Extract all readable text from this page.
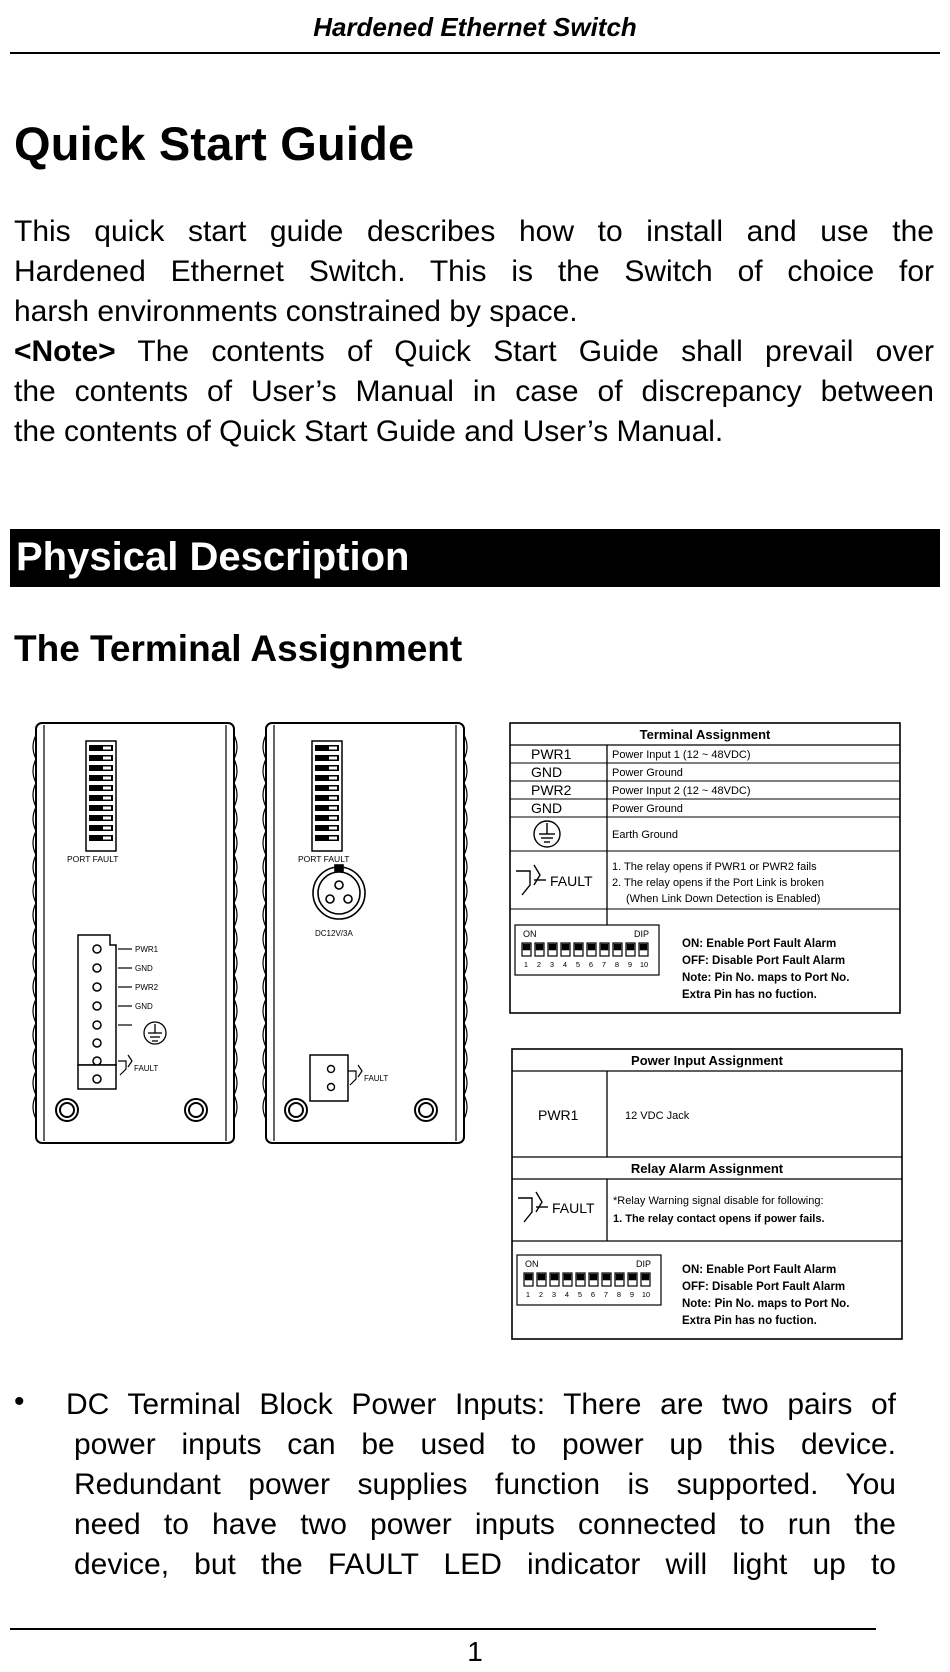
Hardened Ethernet Switch
Quick Start Guide
This quick start guide describes how to install and use the
Hardened Ethernet Switch. This is the Switch of choice for
harsh environments constrained by space.
<Note> The contents of Quick Start Guide shall prevail over
the contents of User’s Manual in case of discrepancy between
the contents of Quick Start Guide and User’s Manual.
Physical Description
The Terminal Assignment
PORT FAULT
PWR1
GND
PWR2
GND
FAULT
PORT FAULT
DC12V/3A
FAULT
Terminal Assignment
PWR1	Power Input 1 (12 ~ 48VDC)
GND	Power Ground
PWR2	Power Input 2 (12 ~ 48VDC)
GND	Power Ground
Earth Ground
FAULT
1. The relay opens if PWR1 or PWR2 fails
2. The relay opens if the Port Link is broken
(When Link Down Detection is Enabled)
ON	DIP
1 2 3 4 5 6 7 8 9 10
ON: Enable Port Fault Alarm
OFF: Disable Port Fault Alarm
Note: Pin No. maps to Port No.
Extra Pin has no fuction.
Power Input Assignment
PWR1	12 VDC Jack
Relay Alarm Assignment
FAULT *Relay Warning signal disable for following:
1. The relay contact opens if power fails.
ON	DIP
1 2 3 4 5 6 7 8 9 10
ON: Enable Port Fault Alarm
OFF: Disable Port Fault Alarm
Note: Pin No. maps to Port No.
Extra Pin has no fuction.
• DC Terminal Block Power Inputs: There are two pairs of
power inputs can be used to power up this device.
Redundant power supplies function is supported. You
need to have two power inputs connected to run the
device, but the FAULT LED indicator will light up to
1
